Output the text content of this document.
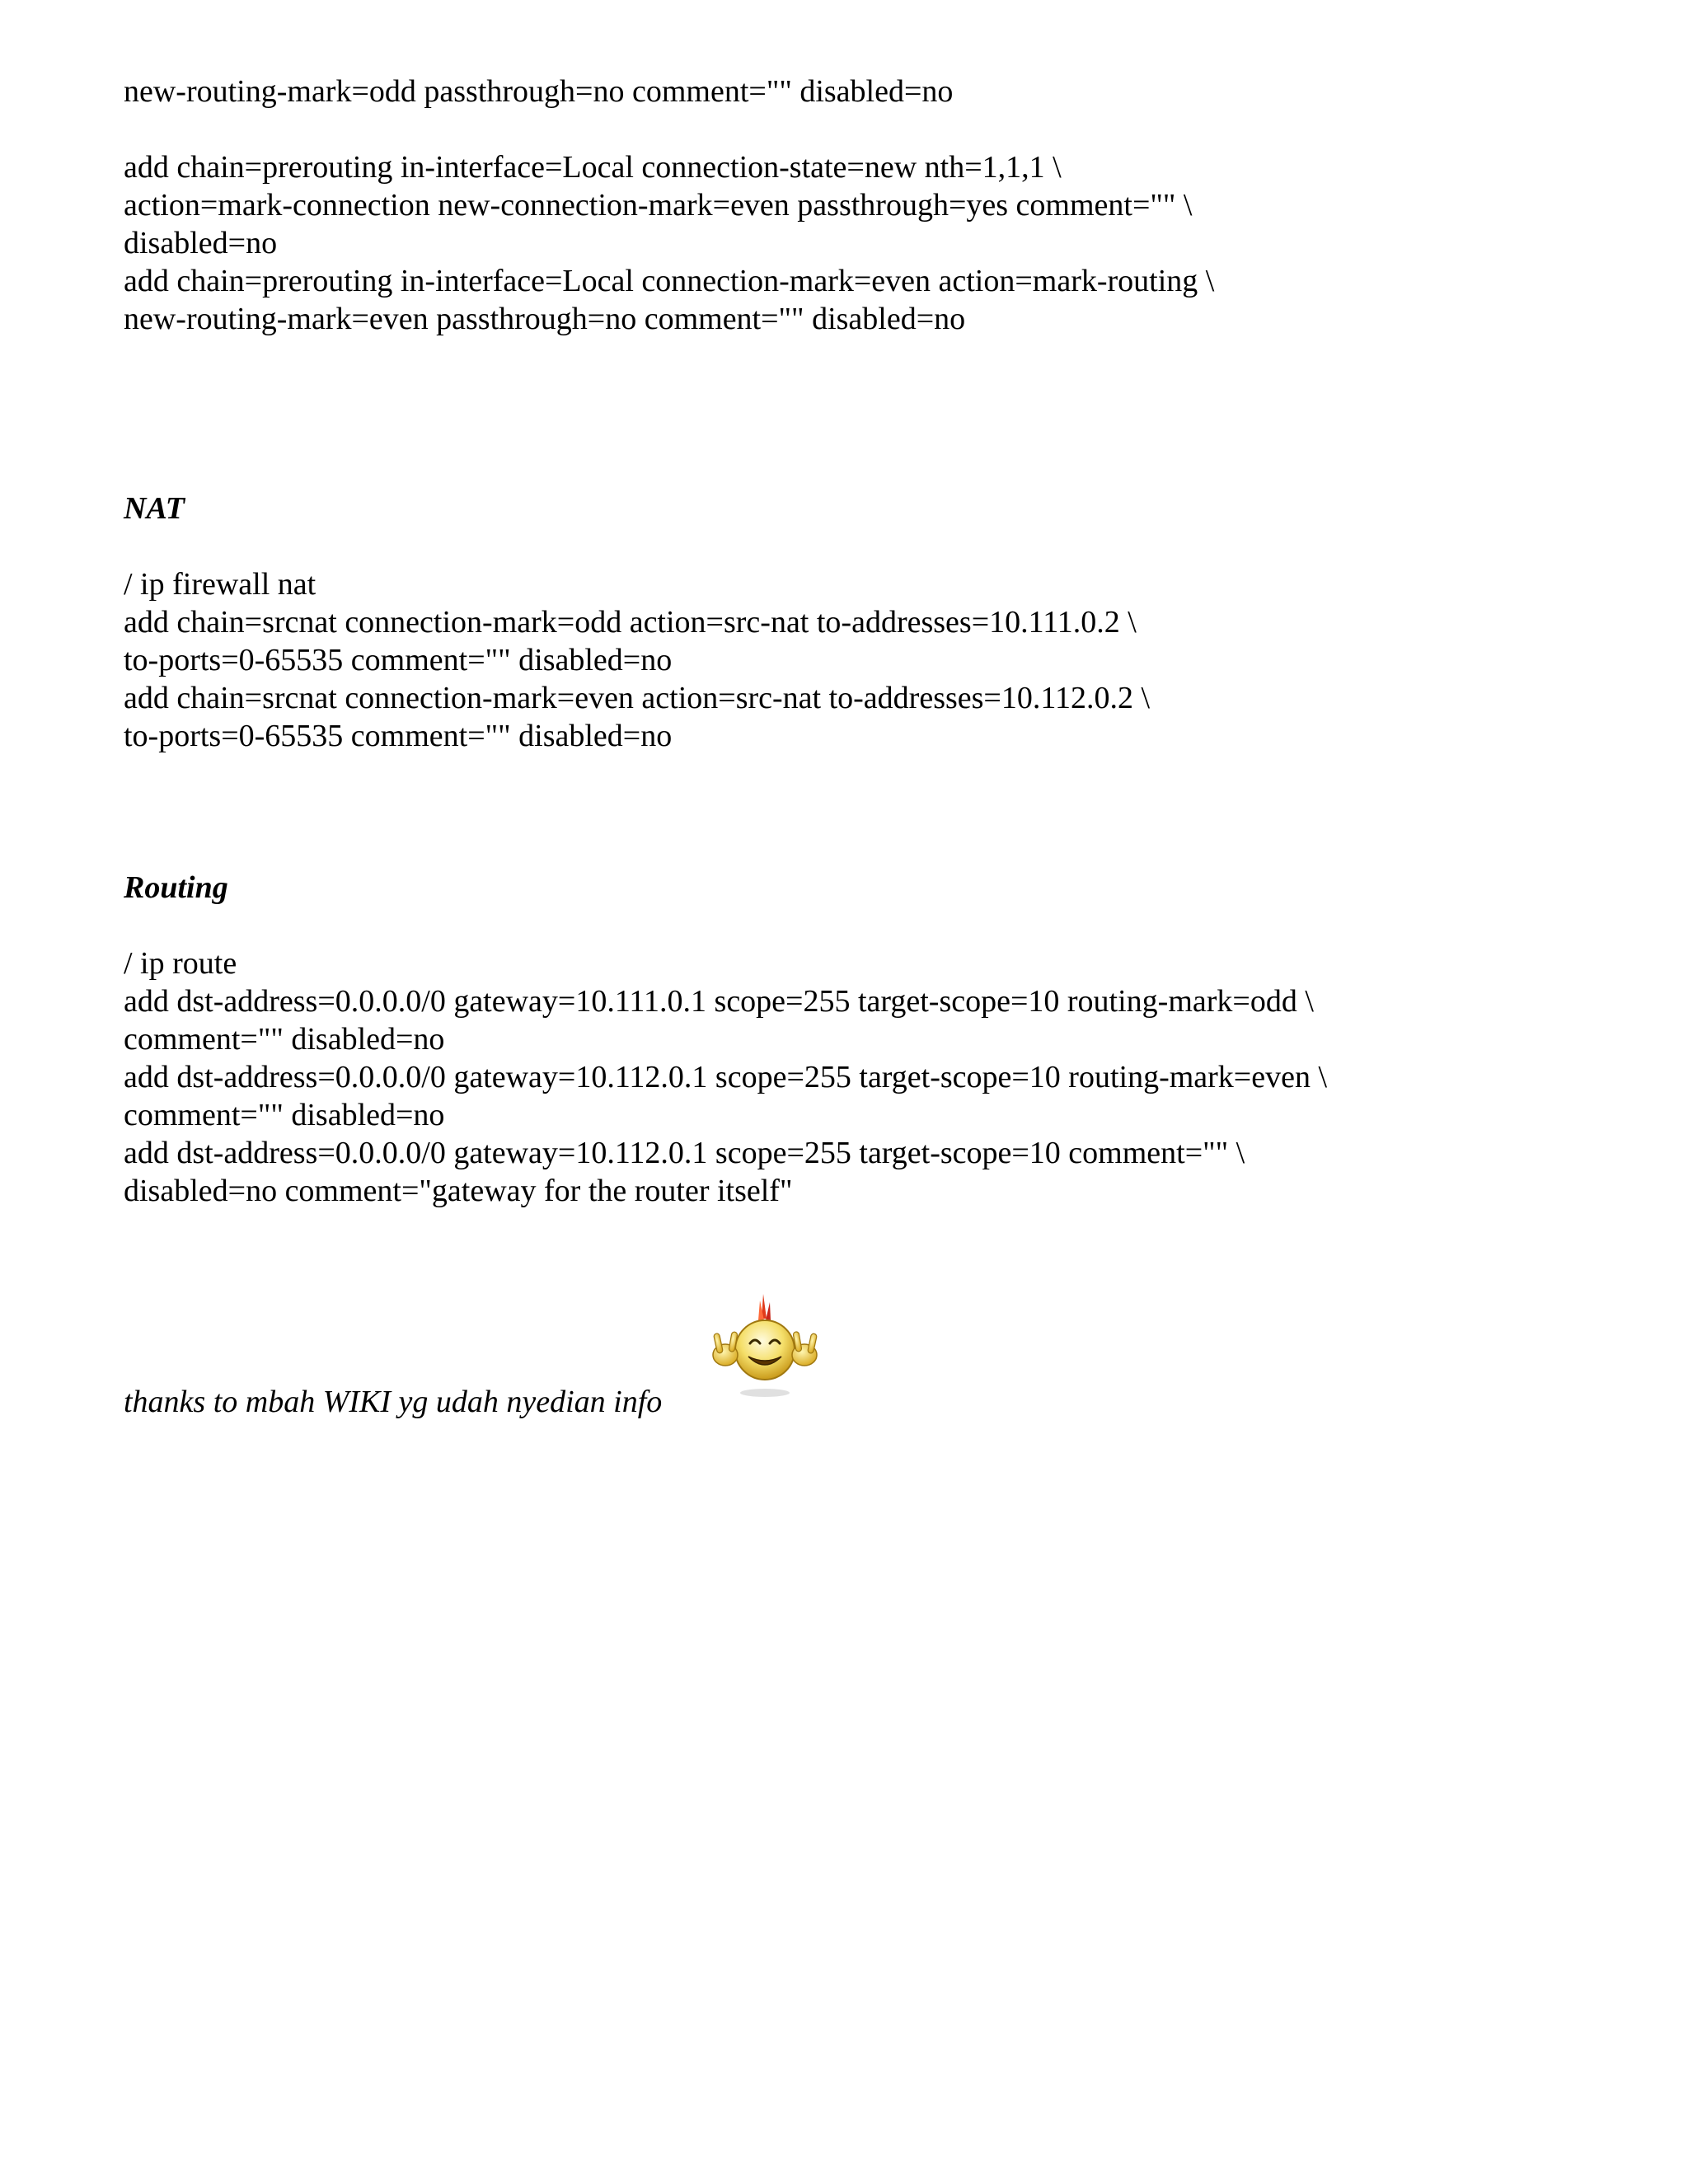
new-routing-mark=odd passthrough=no comment="" disabled=no
add chain=prerouting in-interface=Local connection-state=new nth=1,1,1 \
action=mark-connection new-connection-mark=even passthrough=yes comment="" \
disabled=no
add chain=prerouting in-interface=Local connection-mark=even action=mark-routing \
new-routing-mark=even passthrough=no comment="" disabled=no
NAT
/ ip firewall nat
add chain=srcnat connection-mark=odd action=src-nat to-addresses=10.111.0.2 \
to-ports=0-65535 comment="" disabled=no
add chain=srcnat connection-mark=even action=src-nat to-addresses=10.112.0.2 \
to-ports=0-65535 comment="" disabled=no
Routing
/ ip route
add dst-address=0.0.0.0/0 gateway=10.111.0.1 scope=255 target-scope=10 routing-mark=odd \
comment="" disabled=no
add dst-address=0.0.0.0/0 gateway=10.112.0.1 scope=255 target-scope=10 routing-mark=even \
comment="" disabled=no
add dst-address=0.0.0.0/0 gateway=10.112.0.1 scope=255 target-scope=10 comment="" \
disabled=no comment="gateway for the router itself"
thanks to mbah WIKI yg udah nyedian info
